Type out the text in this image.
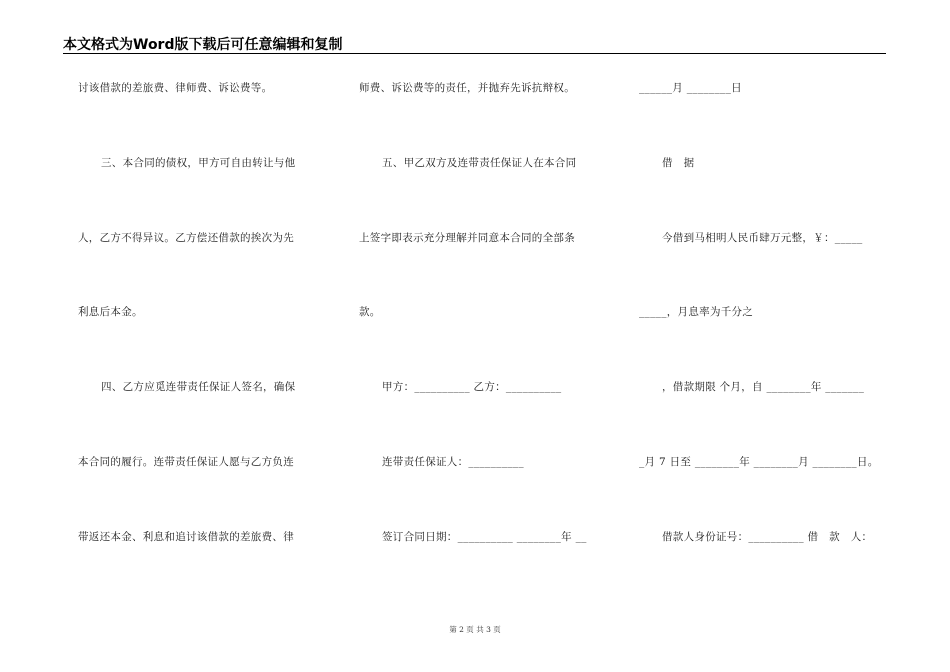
本文格式为Word版下载后可任意编辑和复制
讨该借款的差旅费、律师费、诉讼费等。
三、本合同的债权，甲方可自由转让与他
人，乙方不得异议。乙方偿还借款的挨次为先
利息后本金。
四、乙方应觅连带责任保证人签名，确保
本合同的履行。连带责任保证人愿与乙方负连
带返还本金、利息和追讨该借款的差旅费、律
师费、诉讼费等的责任，并抛弃先诉抗辩权。
五、甲乙双方及连带责任保证人在本合同
上签字即表示充分理解并同意本合同的全部条
款。
甲方：__________ 乙方：__________
连带责任保证人：__________
签订合同日期：__________ ________年 __
______月 ________日
借　据
今借到马相明人民币肆万元整，￥：_____
_____，月息率为千分之
，借款期限 个月，自 ________年 _______
_月 7 日至 ________年 ________月 ________日。
借款人身份证号：__________ 借　款　人：
第 2 页 共 3 页
